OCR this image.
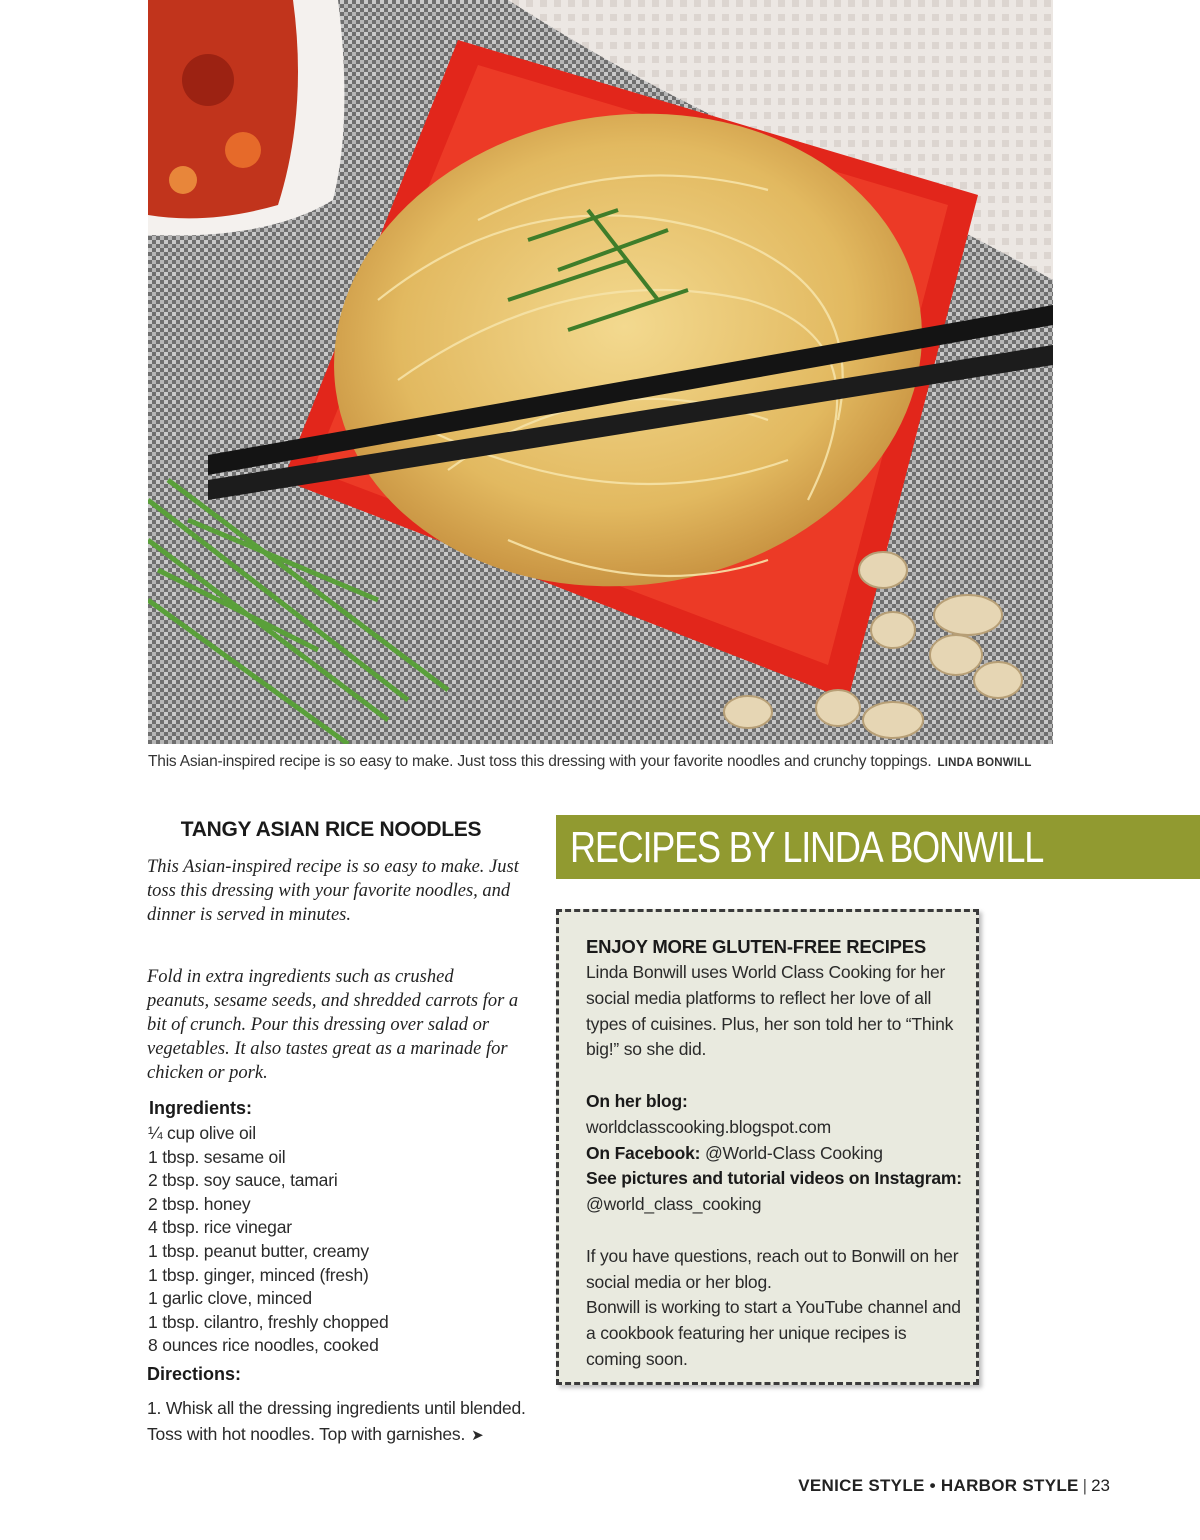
This Asian-inspired recipe is so easy to make. Just toss this dressing with your favorite noodles and crunchy toppings. LINDA BONWILL
TANGY ASIAN RICE NOODLES

This Asian-inspired recipe is so easy to make. Just toss this dressing with your favorite noodles, and dinner is served in minutes.

Fold in extra ingredients such as crushed peanuts, sesame seeds, and shredded carrots for a bit of crunch. Pour this dressing over salad or vegetables. It also tastes great as a marinade for chicken or pork.

Ingredients:
¼ cup olive oil
1 tbsp. sesame oil
2 tbsp. soy sauce, tamari
2 tbsp. honey
4 tbsp. rice vinegar
1 tbsp. peanut butter, creamy
1 tbsp. ginger, minced (fresh)
1 garlic clove, minced
1 tbsp. cilantro, freshly chopped
8 ounces rice noodles, cooked
Directions:

1. Whisk all the dressing ingredients until blended. Toss with hot noodles. Top with garnishes. ➤

RECIPES BY LINDA BONWILL

ENJOY MORE GLUTEN-FREE RECIPES

Linda Bonwill uses World Class Cooking for her social media platforms to reflect her love of all types of cuisines. Plus, her son told her to “Think big!” so she did.

On her blog:

worldclasscooking.blogspot.com

On Facebook: @World-Class Cooking

See pictures and tutorial videos on Instagram:

@world_class_cooking

If you have questions, reach out to Bonwill on her social media or her blog.

Bonwill is working to start a YouTube channel and a cookbook featuring her unique recipes is coming soon.

VENICE STYLE • HARBOR STYLE | 23
